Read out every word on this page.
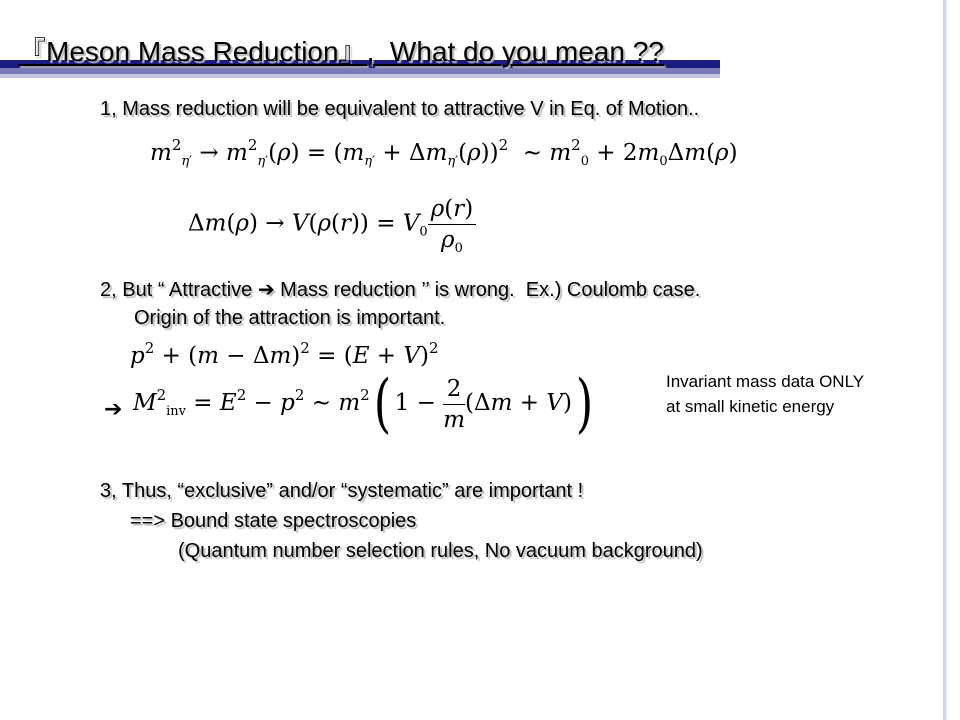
『Meson Mass Reduction』,  What do you mean ??
1, Mass reduction will be equivalent to attractive V in Eq. of Motion..
$m^2_{\eta'} \to m^2_{\eta'}(\rho) = (m_{\eta'} + \Delta m_{\eta'}(\rho))^2$  ∼ $m^2_0 + 2m_0\Delta m(\rho)$
$\Delta m(\rho) \to V(\rho(r)) = V_0 \frac{\rho(r)}{\rho_0}$
2, But “ Attractive ➔ Mass reduction ’’ is wrong.  Ex.) Coulomb case.
Origin of the attraction is important.
$p^2 + (m - \Delta m)^2 = (E + V)^2$
➔ $M^2_{inv} = E^2 - p^2$ ∼ $m^2$( $1 - \frac{2}{m} (\Delta m + V)$)	Invariant mass data ONLY
at small kinetic energy
3, Thus, “exclusive” and/or “systematic” are important !
==> Bound state spectroscopies
(Quantum number selection rules, No vacuum background)
